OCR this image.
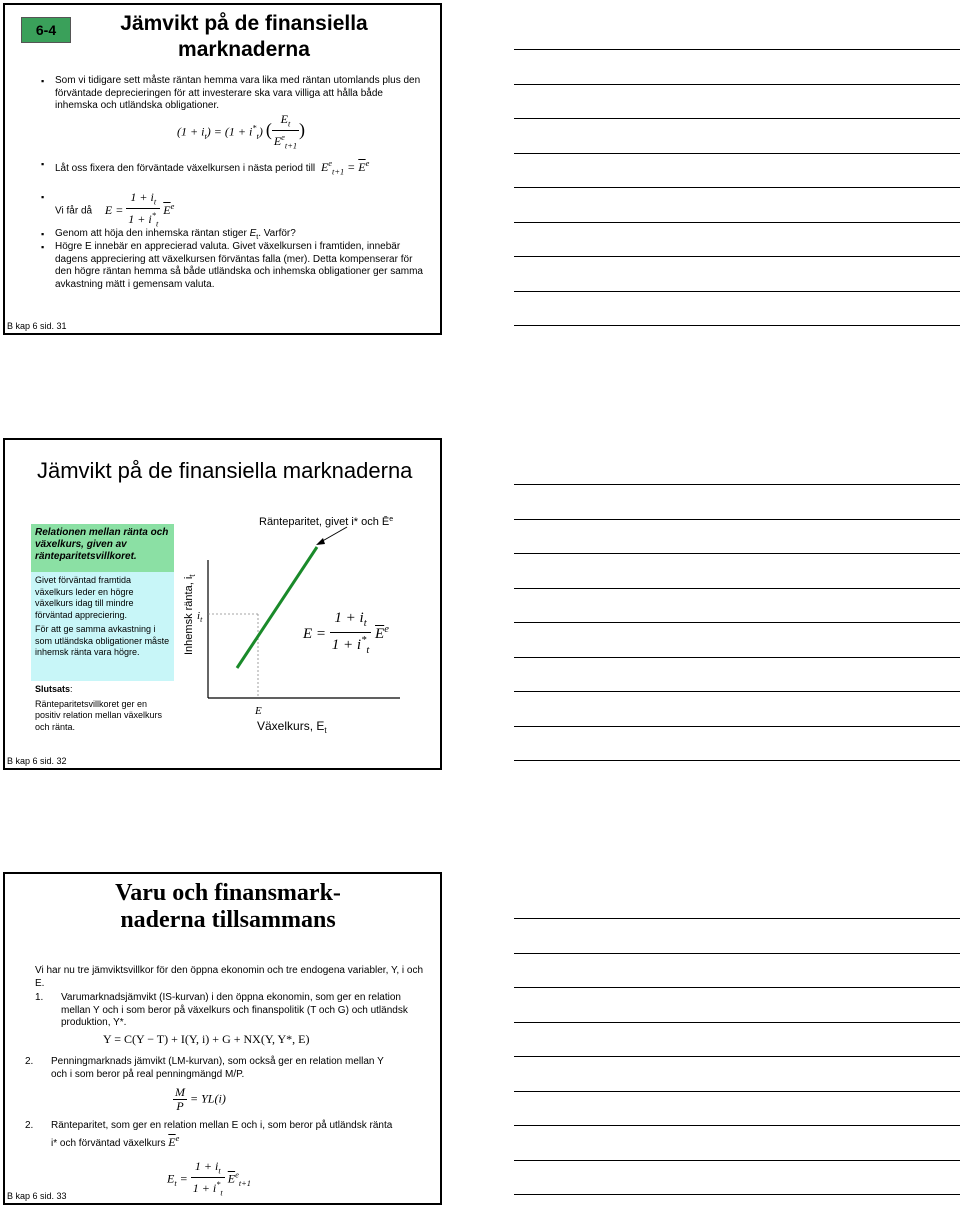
6-4	Jämvikt på de finansiella marknaderna
▪ Som vi tidigare sett måste räntan hemma vara lika med räntan utomlands plus den förväntade deprecieringen för att investerare ska vara villiga att hålla både inhemska och utländska obligationer.
$(1 + i_t) = (1 + i^*_t)$ ( $\frac{E_t}{E^e_{t+1}}$ )
▪ Låt oss fixera den förväntade växelkursen i nästa period till $E^e_{t+1} = \overline{E}^e$
▪ Vi får då $E = \frac{1 + i_t}{1 + i^*_t} \overline{E}^e$
▪ Genom att höja den inhemska räntan stiger $E_t$. Varför?
▪ Högre E innebär en apprecierad valuta. Givet växelkursen i framtiden, innebär dagens appreciering att växelkursen förväntas falla (mer). Detta kompenserar för den högre räntan hemma så både utländska och inhemska obligationer ger samma avkastning mätt i gemensam valuta.
B kap 6 sid. 31
Jämvikt på de finansiella marknaderna
Relationen mellan ränta och växelkurs, given av ränteparitetsvillkoret.

Givet förväntad framtida växelkurs leder en högre växelkurs idag till mindre förväntad appreciering.

För att ge samma avkastning i som utländska obligationer måste inhemsk ränta vara högre.

Slutsats:

Ränteparitetsvillkoret ger en positiv relation mellan växelkurs och ränta.

Inhemsk ränta, $i_t$
$i_t$
E
Växelkurs, $E_t$
Ränteparitet, givet i* och $Ē^e$
$E = \frac{1 + i_t}{1 + i^*_t} \overline{E}^e$
B kap 6 sid. 32
Varu och finansmark-
naderna tillsammans
Vi har nu tre jämviktsvillkor för den öppna ekonomin och tre endogena variabler, Y, i och E.
1.	Varumarknadsjämvikt (IS-kurvan) i den öppna ekonomin, som ger en relation mellan Y och i som beror på växelkurs och finanspolitik (T och G) och utländsk produktion, Y*.
Y = C(Y − T) + I(Y, i) + G + NX(Y, Y*, E)
2.	Penningmarknads jämvikt (LM-kurvan), som också ger en relation mellan Y och i som beror på real penningmängd M/P.
$\frac{M}{P} = YL(i)$
2.	Ränteparitet, som ger en relation mellan E och i, som beror på utländsk ränta i* och förväntad växelkurs $\overline{E}^e$
$E_t = \frac{1 + i_t}{1 + i^*_t} \overline{E}^e_{t+1}$
B kap 6 sid. 33
